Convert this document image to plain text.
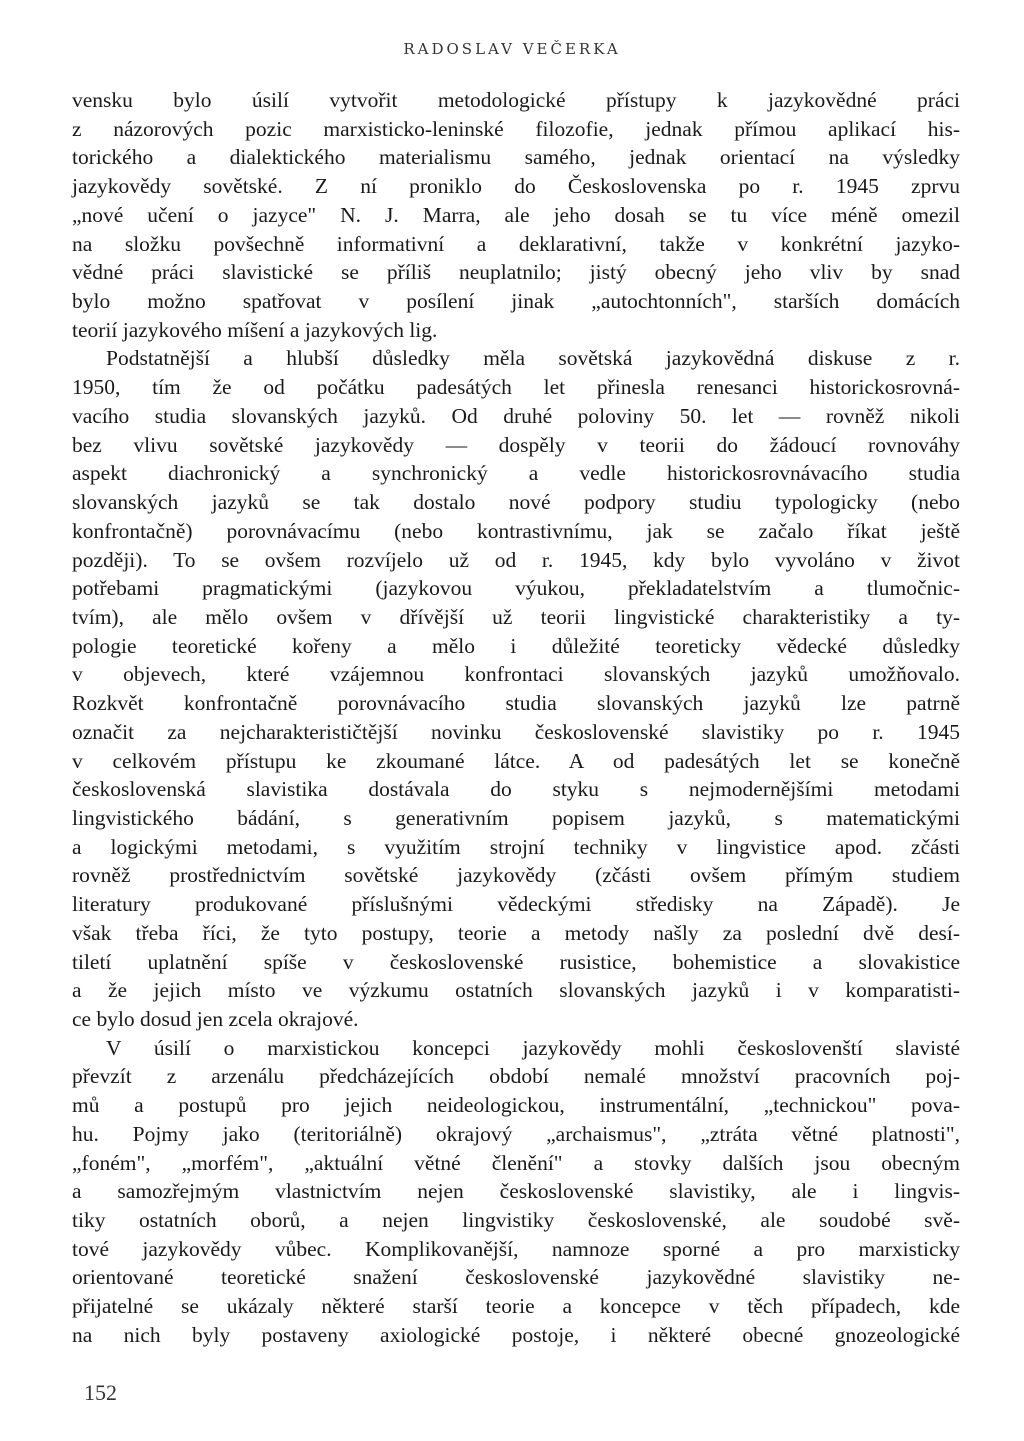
RADOSLAV VEČERKA
vensku bylo úsilí vytvořit metodologické přístupy k jazykovědné práci
z názorových pozic marxisticko-leninské filozofie, jednak přímou aplikací his-
torického a dialektického materialismu samého, jednak orientací na výsledky
jazykovědy sovětské. Z ní proniklo do Československa po r. 1945 zprvu
„nové učení o jazyce" N. J. Marra, ale jeho dosah se tu více méně omezil
na složku povšechně informativní a deklarativní, takže v konkrétní jazyko-
vědné práci slavistické se příliš neuplatnilo; jistý obecný jeho vliv by snad
bylo možno spatřovat v posílení jinak „autochtonních", starších domácích
teorií jazykového míšení a jazykových lig.
Podstatnější a hlubší důsledky měla sovětská jazykovědná diskuse z r.
1950, tím že od počátku padesátých let přinesla renesanci historickosrovná-
vacího studia slovanských jazyků. Od druhé poloviny 50. let — rovněž nikoli
bez vlivu sovětské jazykovědy — dospěly v teorii do žádoucí rovnováhy
aspekt diachronický a synchronický a vedle historickosrovnávacího studia
slovanských jazyků se tak dostalo nové podpory studiu typologicky (nebo
konfrontačně) porovnávacímu (nebo kontrastivnímu, jak se začalo říkat ještě
později). To se ovšem rozvíjelo už od r. 1945, kdy bylo vyvoláno v život
potřebami pragmatickými (jazykovou výukou, překladatelstvím a tlumočnic-
tvím), ale mělo ovšem v dřívější už teorii lingvistické charakteristiky a ty-
pologie teoretické kořeny a mělo i důležité teoreticky vědecké důsledky
v objevech, které vzájemnou konfrontaci slovanských jazyků umožňovalo.
Rozkvět konfrontačně porovnávacího studia slovanských jazyků lze patrně
označit za nejcharakterističtější novinku československé slavistiky po r. 1945
v celkovém přístupu ke zkoumané látce. A od padesátých let se konečně
československá slavistika dostávala do styku s nejmodernějšími metodami
lingvistického bádání, s generativním popisem jazyků, s matematickými
a logickými metodami, s využitím strojní techniky v lingvistice apod. zčásti
rovněž prostřednictvím sovětské jazykovědy (zčásti ovšem přímým studiem
literatury produkované příslušnými vědeckými středisky na Západě). Je
však třeba říci, že tyto postupy, teorie a metody našly za poslední dvě desí-
tiletí uplatnění spíše v československé rusistice, bohemistice a slovakistice
a že jejich místo ve výzkumu ostatních slovanských jazyků i v komparatisti-
ce bylo dosud jen zcela okrajové.
V úsilí o marxistickou koncepci jazykovědy mohli českoslovenští slavisté
převzít z arzenálu předcházejících období nemalé množství pracovních poj-
mů a postupů pro jejich neideologickou, instrumentální, „technickou" pova-
hu. Pojmy jako (teritoriálně) okrajový „archaismus", „ztráta větné platnosti",
„foném", „morfém", „aktuální větné členění" a stovky dalších jsou obecným
a samozřejmým vlastnictvím nejen československé slavistiky, ale i lingvis-
tiky ostatních oborů, a nejen lingvistiky československé, ale soudobé svě-
tové jazykovědy vůbec. Komplikovanější, namnoze sporné a pro marxisticky
orientované teoretické snažení československé jazykovědné slavistiky ne-
přijatelné se ukázaly některé starší teorie a koncepce v těch případech, kde
na nich byly postaveny axiologické postoje, i některé obecné gnozeologické
152
